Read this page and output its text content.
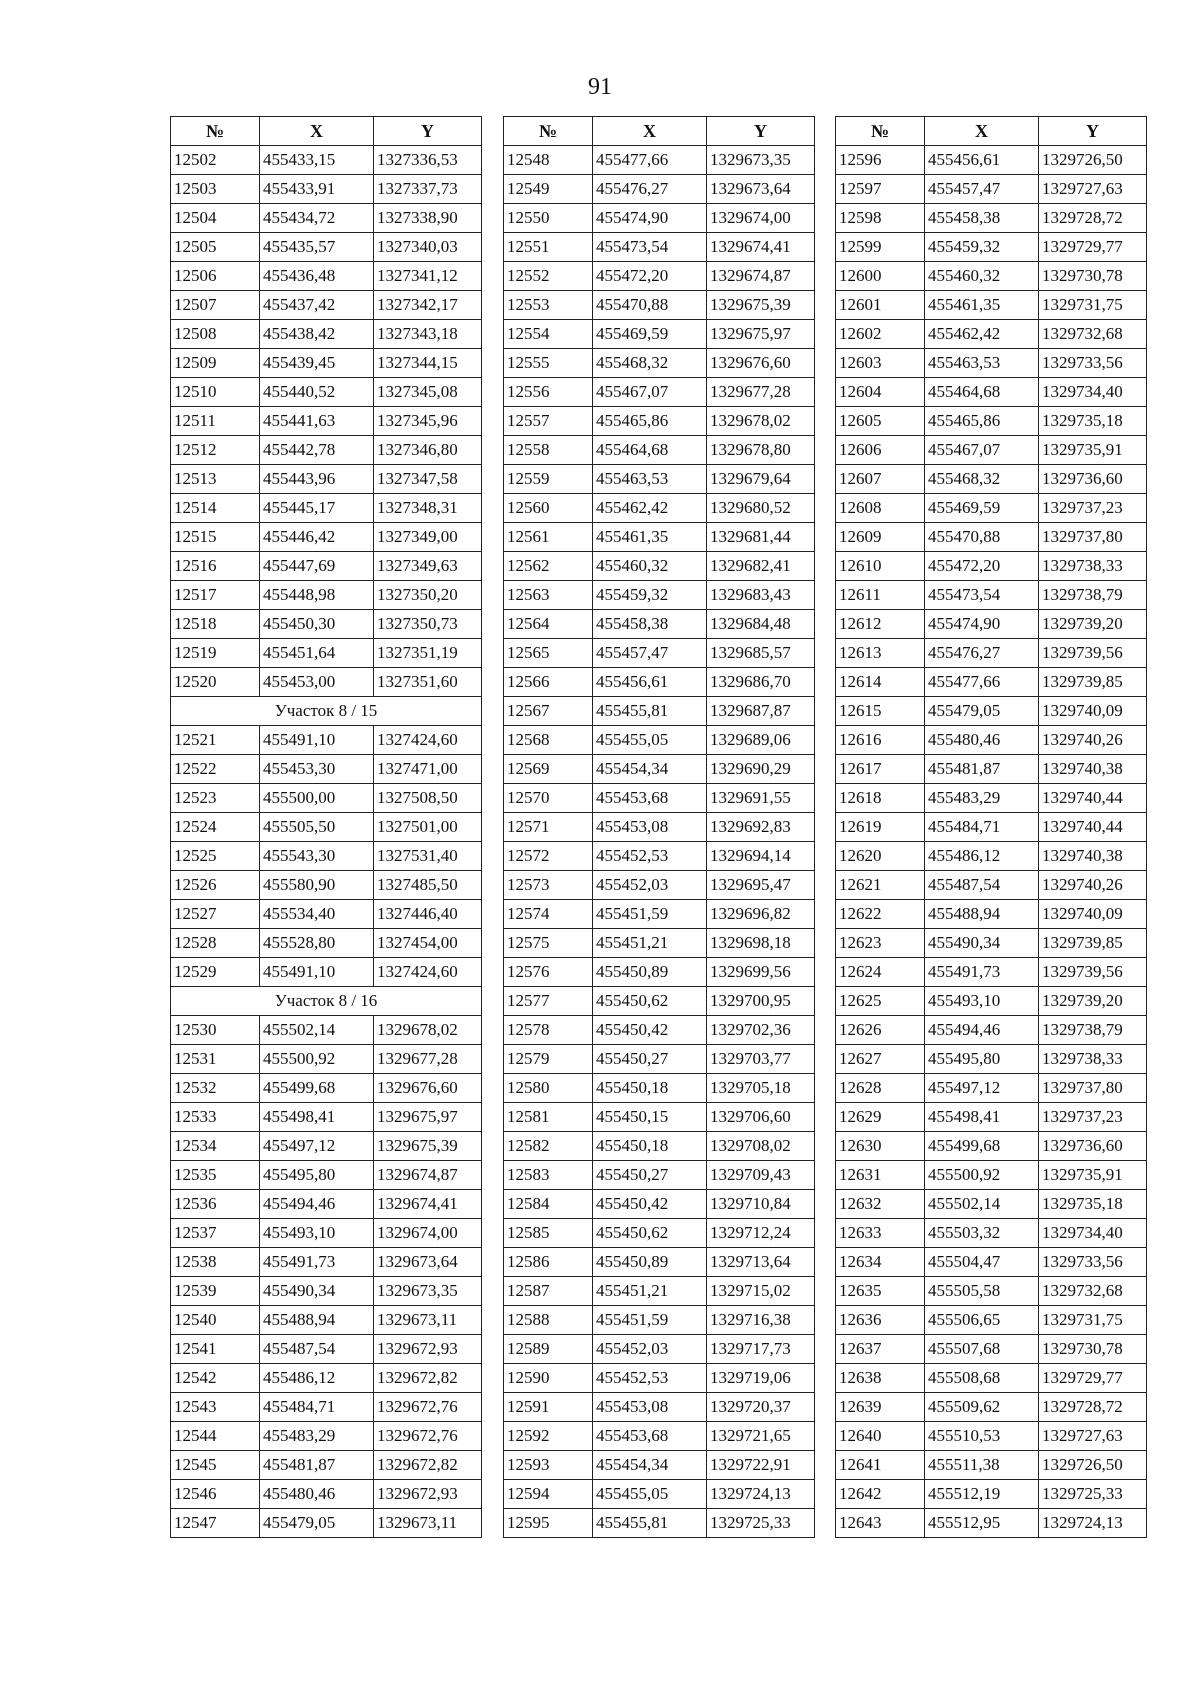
91
№	X	Y
12502	455433,15	1327336,53
12503	455433,91	1327337,73
12504	455434,72	1327338,90
12505	455435,57	1327340,03
12506	455436,48	1327341,12
12507	455437,42	1327342,17
12508	455438,42	1327343,18
12509	455439,45	1327344,15
12510	455440,52	1327345,08
12511	455441,63	1327345,96
12512	455442,78	1327346,80
12513	455443,96	1327347,58
12514	455445,17	1327348,31
12515	455446,42	1327349,00
12516	455447,69	1327349,63
12517	455448,98	1327350,20
12518	455450,30	1327350,73
12519	455451,64	1327351,19
12520	455453,00	1327351,60
Участок 8 / 15		
12521	455491,10	1327424,60
12522	455453,30	1327471,00
12523	455500,00	1327508,50
12524	455505,50	1327501,00
12525	455543,30	1327531,40
12526	455580,90	1327485,50
12527	455534,40	1327446,40
12528	455528,80	1327454,00
12529	455491,10	1327424,60
Участок 8 / 16		
12530	455502,14	1329678,02
12531	455500,92	1329677,28
12532	455499,68	1329676,60
12533	455498,41	1329675,97
12534	455497,12	1329675,39
12535	455495,80	1329674,87
12536	455494,46	1329674,41
12537	455493,10	1329674,00
12538	455491,73	1329673,64
12539	455490,34	1329673,35
12540	455488,94	1329673,11
12541	455487,54	1329672,93
12542	455486,12	1329672,82
12543	455484,71	1329672,76
12544	455483,29	1329672,76
12545	455481,87	1329672,82
12546	455480,46	1329672,93
12547	455479,05	1329673,11
№	X	Y
12548	455477,66	1329673,35
12549	455476,27	1329673,64
12550	455474,90	1329674,00
12551	455473,54	1329674,41
12552	455472,20	1329674,87
12553	455470,88	1329675,39
12554	455469,59	1329675,97
12555	455468,32	1329676,60
12556	455467,07	1329677,28
12557	455465,86	1329678,02
12558	455464,68	1329678,80
12559	455463,53	1329679,64
12560	455462,42	1329680,52
12561	455461,35	1329681,44
12562	455460,32	1329682,41
12563	455459,32	1329683,43
12564	455458,38	1329684,48
12565	455457,47	1329685,57
12566	455456,61	1329686,70
12567	455455,81	1329687,87
12568	455455,05	1329689,06
12569	455454,34	1329690,29
12570	455453,68	1329691,55
12571	455453,08	1329692,83
12572	455452,53	1329694,14
12573	455452,03	1329695,47
12574	455451,59	1329696,82
12575	455451,21	1329698,18
12576	455450,89	1329699,56
12577	455450,62	1329700,95
12578	455450,42	1329702,36
12579	455450,27	1329703,77
12580	455450,18	1329705,18
12581	455450,15	1329706,60
12582	455450,18	1329708,02
12583	455450,27	1329709,43
12584	455450,42	1329710,84
12585	455450,62	1329712,24
12586	455450,89	1329713,64
12587	455451,21	1329715,02
12588	455451,59	1329716,38
12589	455452,03	1329717,73
12590	455452,53	1329719,06
12591	455453,08	1329720,37
12592	455453,68	1329721,65
12593	455454,34	1329722,91
12594	455455,05	1329724,13
12595	455455,81	1329725,33
№	X	Y
12596	455456,61	1329726,50
12597	455457,47	1329727,63
12598	455458,38	1329728,72
12599	455459,32	1329729,77
12600	455460,32	1329730,78
12601	455461,35	1329731,75
12602	455462,42	1329732,68
12603	455463,53	1329733,56
12604	455464,68	1329734,40
12605	455465,86	1329735,18
12606	455467,07	1329735,91
12607	455468,32	1329736,60
12608	455469,59	1329737,23
12609	455470,88	1329737,80
12610	455472,20	1329738,33
12611	455473,54	1329738,79
12612	455474,90	1329739,20
12613	455476,27	1329739,56
12614	455477,66	1329739,85
12615	455479,05	1329740,09
12616	455480,46	1329740,26
12617	455481,87	1329740,38
12618	455483,29	1329740,44
12619	455484,71	1329740,44
12620	455486,12	1329740,38
12621	455487,54	1329740,26
12622	455488,94	1329740,09
12623	455490,34	1329739,85
12624	455491,73	1329739,56
12625	455493,10	1329739,20
12626	455494,46	1329738,79
12627	455495,80	1329738,33
12628	455497,12	1329737,80
12629	455498,41	1329737,23
12630	455499,68	1329736,60
12631	455500,92	1329735,91
12632	455502,14	1329735,18
12633	455503,32	1329734,40
12634	455504,47	1329733,56
12635	455505,58	1329732,68
12636	455506,65	1329731,75
12637	455507,68	1329730,78
12638	455508,68	1329729,77
12639	455509,62	1329728,72
12640	455510,53	1329727,63
12641	455511,38	1329726,50
12642	455512,19	1329725,33
12643	455512,95	1329724,13
